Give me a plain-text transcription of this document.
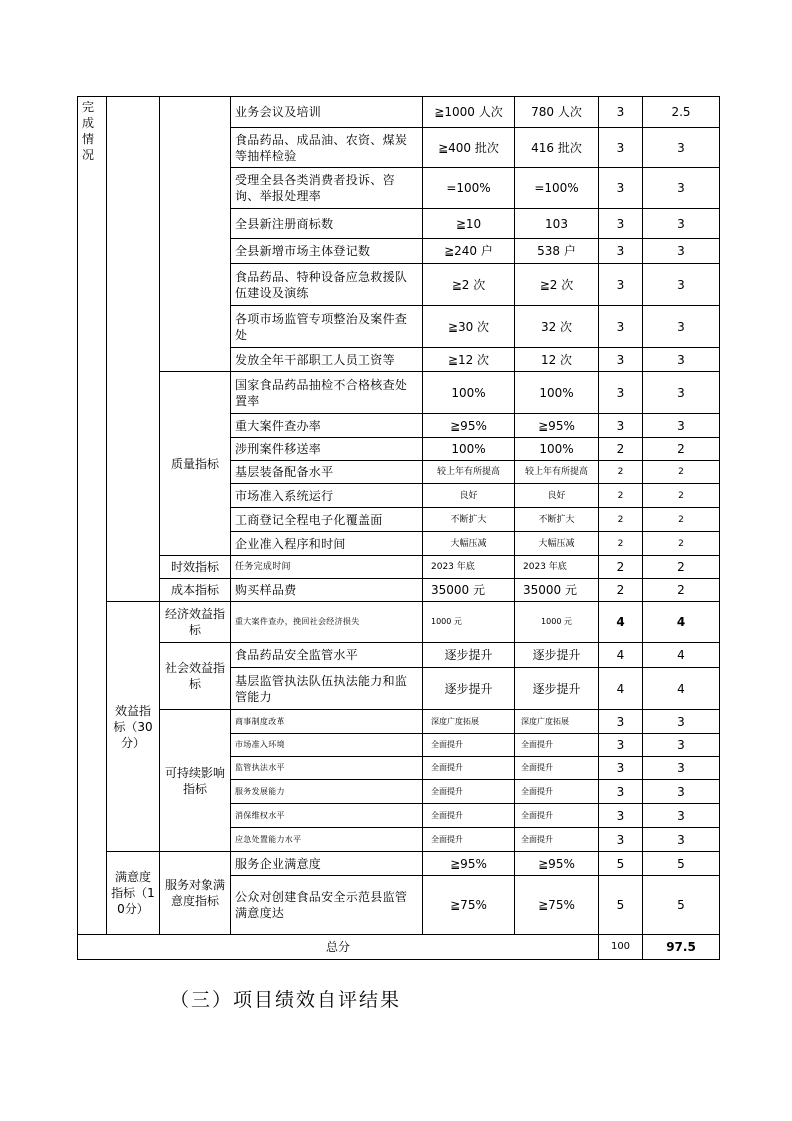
完成情况			业务会议及培训	≧1000 人次	780 人次	3	2.5
			食品药品、成品油、农资、煤炭等抽样检验	≧400 批次	416 批次	3	3
			受理全县各类消费者投诉、咨询、举报处理率	=100%	=100%	3	3
			全县新注册商标数	≧10	103	3	3
			全县新增市场主体登记数	≧240 户	538 户	3	3
			食品药品、特种设备应急救援队伍建设及演练	≧2 次	≧2 次	3	3
			各项市场监管专项整治及案件查处	≧30 次	32 次	3	3
			发放全年干部职工人员工资等	≧12 次	12 次	3	3
		质量指标	国家食品药品抽检不合格核查处置率	100%	100%	3	3
			重大案件查办率	≧95%	≧95%	3	3
			涉刑案件移送率	100%	100%	2	2
			基层装备配备水平	较上年有所提高	较上年有所提高	2	2
			市场准入系统运行	良好	良好	2	2
			工商登记全程电子化覆盖面	不断扩大	不断扩大	2	2
			企业准入程序和时间	大幅压减	大幅压减	2	2
		时效指标	任务完成时间	2023 年底	2023 年底	2	2
		成本指标	购买样品费	35000 元	35000 元	2	2
	效益指标（30分）	经济效益指标	重大案件查办，挽回社会经济损失	1000 元	1000 元	4	4
		社会效益指标	食品药品安全监管水平	逐步提升	逐步提升	4	4
			基层监管执法队伍执法能力和监管能力	逐步提升	逐步提升	4	4
		可持续影响指标	商事制度改革	深度广度拓展	深度广度拓展	3	3
			市场准入环境	全面提升	全面提升	3	3
			监管执法水平	全面提升	全面提升	3	3
			服务发展能力	全面提升	全面提升	3	3
			消保维权水平	全面提升	全面提升	3	3
			应急处置能力水平	全面提升	全面提升	3	3
	满意度指标（10分）	服务对象满意度指标	服务企业满意度	≧95%	≧95%	5	5
			公众对创建食品安全示范县监管满意度达	≧75%	≧75%	5	5
总分						100	97.5
（三）项目绩效自评结果
